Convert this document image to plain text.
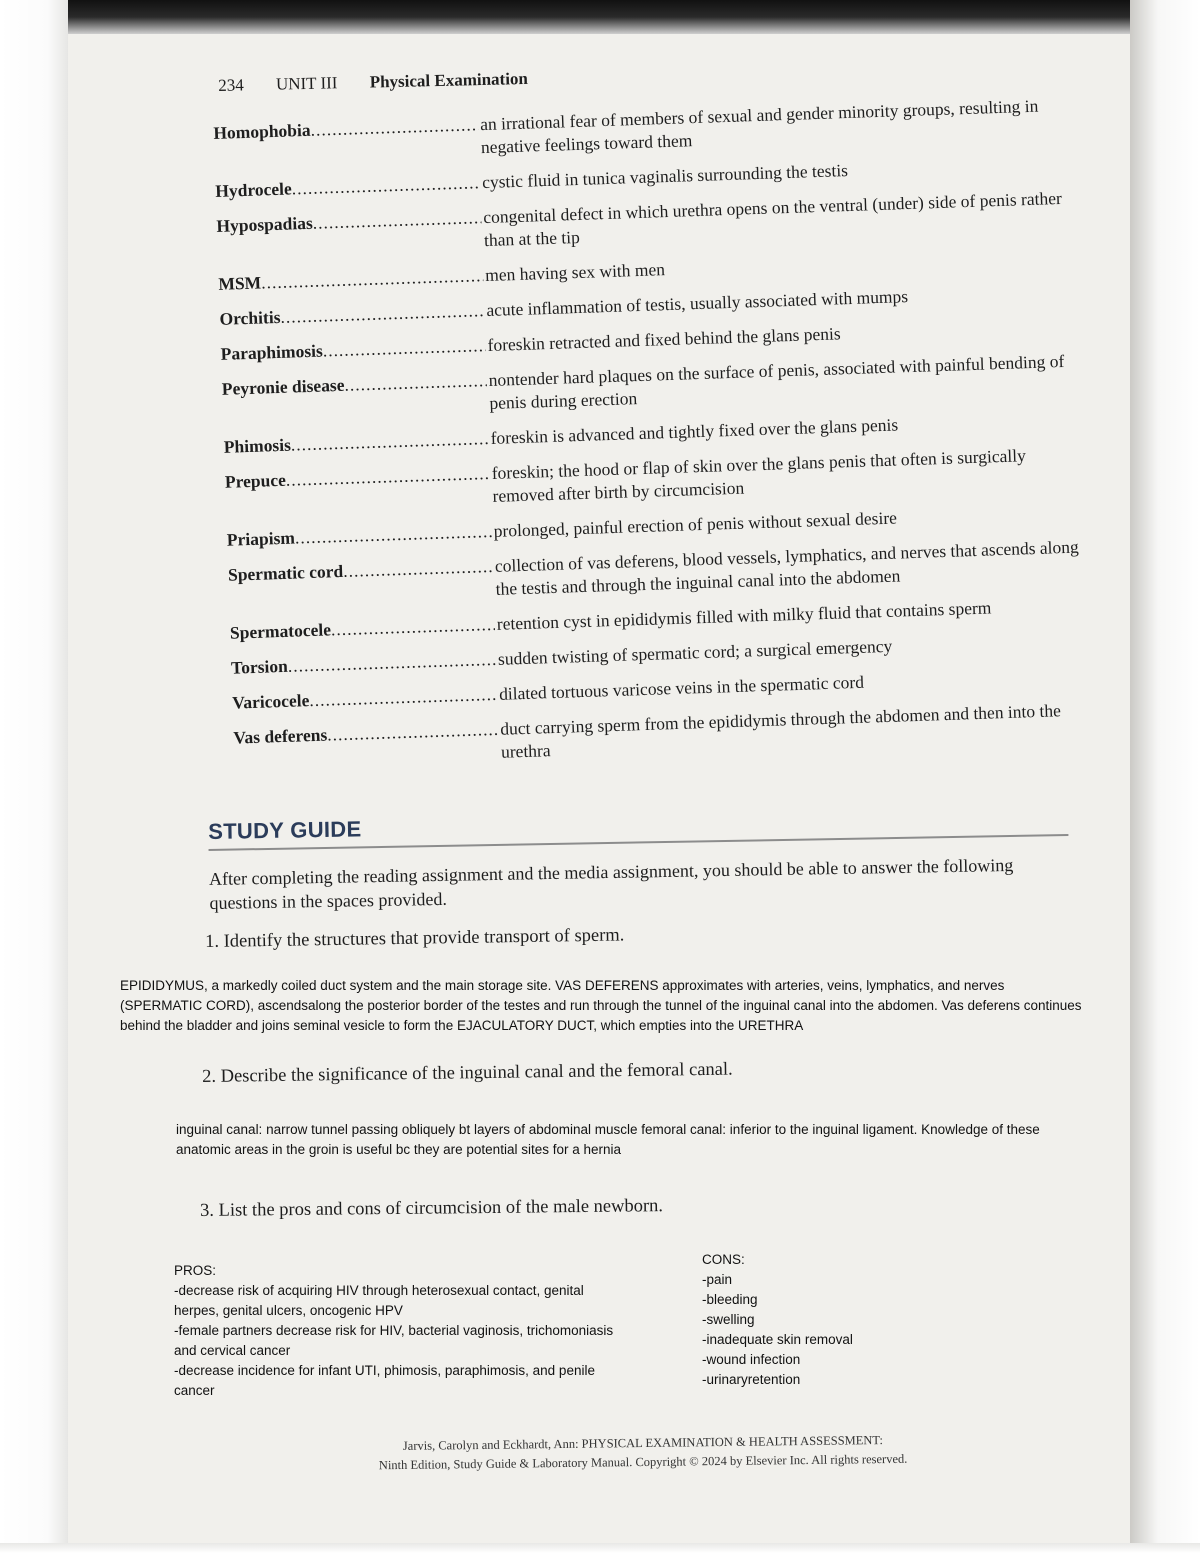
234 UNIT III Physical Examination
Homophobia .....	an irrational fear of members of sexual and gender minority groups, resulting in negative feelings toward them
Hydrocele .....	cystic fluid in tunica vaginalis surrounding the testis
Hypospadias .....	congenital defect in which urethra opens on the ventral (under) side of penis rather than at the tip
MSM .....	men having sex with men
Orchitis .....	acute inflammation of testis, usually associated with mumps
Paraphimosis .....	foreskin retracted and fixed behind the glans penis
Peyronie disease .....	nontender hard plaques on the surface of penis, associated with painful bending of penis during erection
Phimosis .....	foreskin is advanced and tightly fixed over the glans penis
Prepuce .....	foreskin; the hood or flap of skin over the glans penis that often is surgically removed after birth by circumcision
Priapism .....	prolonged, painful erection of penis without sexual desire
Spermatic cord .....	collection of vas deferens, blood vessels, lymphatics, and nerves that ascends along the testis and through the inguinal canal into the abdomen
Spermatocele .....	retention cyst in epididymis filled with milky fluid that contains sperm
Torsion .....	sudden twisting of spermatic cord; a surgical emergency
Varicocele .....	dilated tortuous varicose veins in the spermatic cord
Vas deferens .....	duct carrying sperm from the epididymis through the abdomen and then into the urethra
STUDY GUIDE
After completing the reading assignment and the media assignment, you should be able to answer the following questions in the spaces provided.
1. Identify the structures that provide transport of sperm.

EPIDIDYMUS, a markedly coiled duct system and the main storage site. VAS DEFERENS approximates with arteries, veins, lymphatics, and nerves (SPERMATIC CORD), ascendsalong the posterior border of the testes and run through the tunnel of the inguinal canal into the abdomen. Vas deferens continues behind the bladder and joins seminal vesicle to form the EJACULATORY DUCT, which empties into the URETHRA

2. Describe the significance of the inguinal canal and the femoral canal.

inguinal canal: narrow tunnel passing obliquely bt layers of abdominal muscle femoral canal: inferior to the inguinal ligament. Knowledge of these anatomic areas in the groin is useful bc they are potential sites for a hernia

3. List the pros and cons of circumcision of the male newborn.

PROS:

-decrease risk of acquiring HIV through heterosexual contact, genital herpes, genital ulcers, oncogenic HPV

-female partners decrease risk for HIV, bacterial vaginosis, trichomoniasis and cervical cancer

-decrease incidence for infant UTI, phimosis, paraphimosis, and penile cancer

CONS:

-pain

-bleeding

-swelling

-inadequate skin removal

-wound infection

-urinaryretention

Jarvis, Carolyn and Eckhardt, Ann: PHYSICAL EXAMINATION & HEALTH ASSESSMENT:
Ninth Edition, Study Guide & Laboratory Manual. Copyright © 2024 by Elsevier Inc. All rights reserved.
